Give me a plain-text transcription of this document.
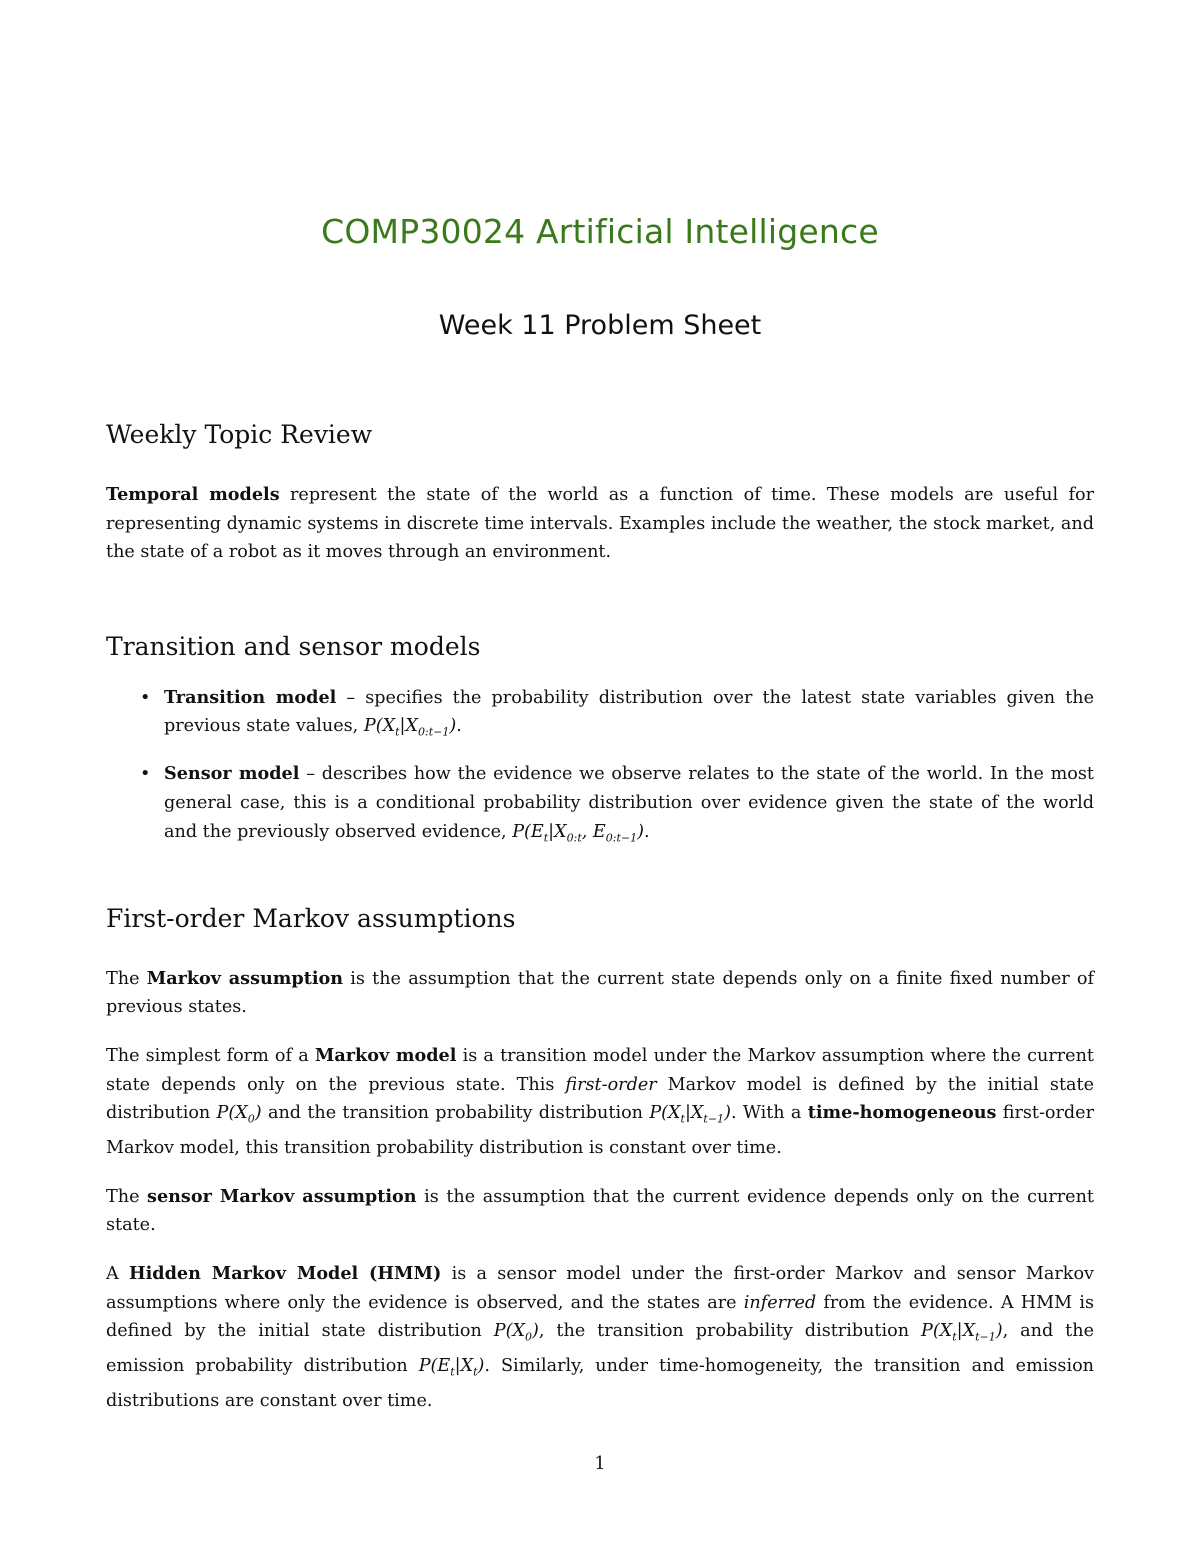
COMP30024 Artificial Intelligence
Week 11 Problem Sheet
Weekly Topic Review

Temporal models represent the state of the world as a function of time. These models are useful for representing dynamic systems in discrete time intervals. Examples include the weather, the stock market, and the state of a robot as it moves through an environment.

Transition and sensor models
• Transition model – specifies the probability distribution over the latest state variables given the previous state values, $P(X_t|X_{0:t-1})$.
• Sensor model – describes how the evidence we observe relates to the state of the world. In the most general case, this is a conditional probability distribution over evidence given the state of the world and the previously observed evidence, $P(E_t|X_{0:t}$, $E_{0:t-1}$).
First-order Markov assumptions

The Markov assumption is the assumption that the current state depends only on a finite fixed number of previous states.

The simplest form of a Markov model is a transition model under the Markov assumption where the current state depends only on the previous state. This first-order Markov model is defined by the initial state distribution $P(X_0)$ and the transition probability distribution $P(X_t|X_{t-1})$. With a time-homogeneous first-order Markov model, this transition probability distribution is constant over time.

The sensor Markov assumption is the assumption that the current evidence depends only on the current state.

A Hidden Markov Model (HMM) is a sensor model under the first-order Markov and sensor Markov assumptions where only the evidence is observed, and the states are inferred from the evidence. A HMM is defined by the initial state distribution $P(X_0)$, the transition probability distribution $P(X_t|X_{t-1})$, and the emission probability distribution $P(E_t|X_t)$. Similarly, under time-homogeneity, the transition and emission distributions are constant over time.

1
